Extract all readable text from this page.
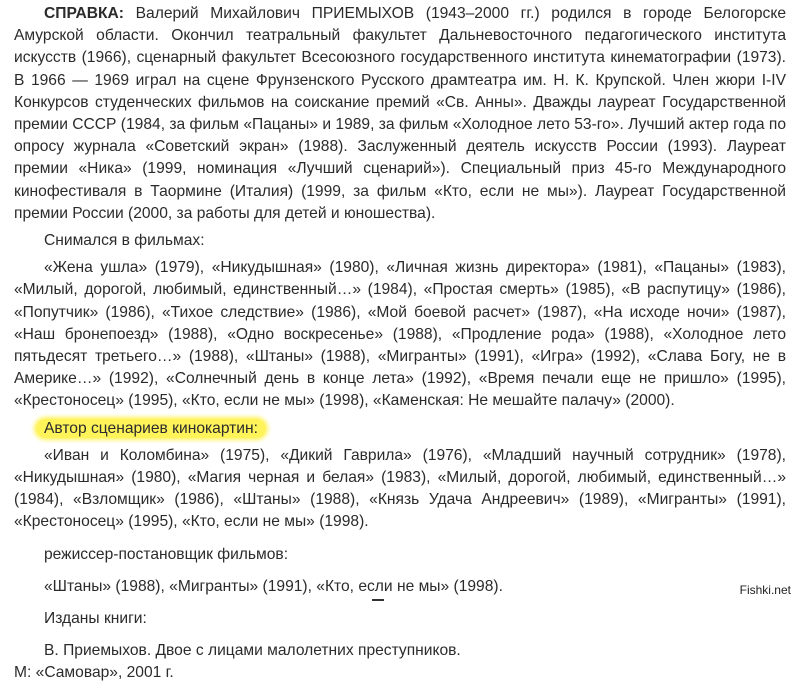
СПРАВКА: Валерий Михайлович ПРИЕМЫХОВ (1943–2000 гг.) родился в городе Белогорске Амурской области. Окончил театральный факультет Дальневосточного педагогического института искусств (1966), сценарный факультет Всесоюзного государственного института кинематографии (1973). В 1966 — 1969 играл на сцене Фрунзенского Русского драмтеатра им. Н. К. Крупской. Член жюри I-IV Конкурсов студенческих фильмов на соискание премий «Св. Анны». Дважды лауреат Государственной премии СССР (1984, за фильм «Пацаны» и 1989, за фильм «Холодное лето 53-го». Лучший актер года по опросу журнала «Советский экран» (1988). Заслуженный деятель искусств России (1993). Лауреат премии «Ника» (1999, номинация «Лучший сценарий»). Специальный приз 45-го Международного кинофестиваля в Таормине (Италия) (1999, за фильм «Кто, если не мы»). Лауреат Государственной премии России (2000, за работы для детей и юношества).

Снимался в фильмах:

«Жена ушла» (1979), «Никудышная» (1980), «Личная жизнь директора» (1981), «Пацаны» (1983), «Милый, дорогой, любимый, единственный…» (1984), «Простая смерть» (1985), «В распутицу» (1986), «Попутчик» (1986), «Тихое следствие» (1986), «Мой боевой расчет» (1987), «На исходе ночи» (1987), «Наш бронепоезд» (1988), «Одно воскресенье» (1988), «Продление рода» (1988), «Холодное лето пятьдесят третьего…» (1988), «Штаны» (1988), «Мигранты» (1991), «Игра» (1992), «Слава Богу, не в Америке…» (1992), «Солнечный день в конце лета» (1992), «Время печали еще не пришло» (1995), «Крестоносец» (1995), «Кто, если не мы» (1998), «Каменская: Не мешайте палачу» (2000).

Автор сценариев кинокартин:

«Иван и Коломбина» (1975), «Дикий Гаврила» (1976), «Младший научный сотрудник» (1978), «Никудышная» (1980), «Магия черная и белая» (1983), «Милый, дорогой, любимый, единственный…» (1984), «Взломщик» (1986), «Штаны» (1988), «Князь Удача Андреевич» (1989), «Мигранты» (1991), «Крестоносец» (1995), «Кто, если не мы» (1998).

режиссер-постановщик фильмов:

«Штаны» (1988), «Мигранты» (1991), «Кто, если не мы» (1998).

Изданы книги:

В. Приемыхов. Двое с лицами малолетних преступников.

М: «Самовар», 2001 г.

Fishki.net
